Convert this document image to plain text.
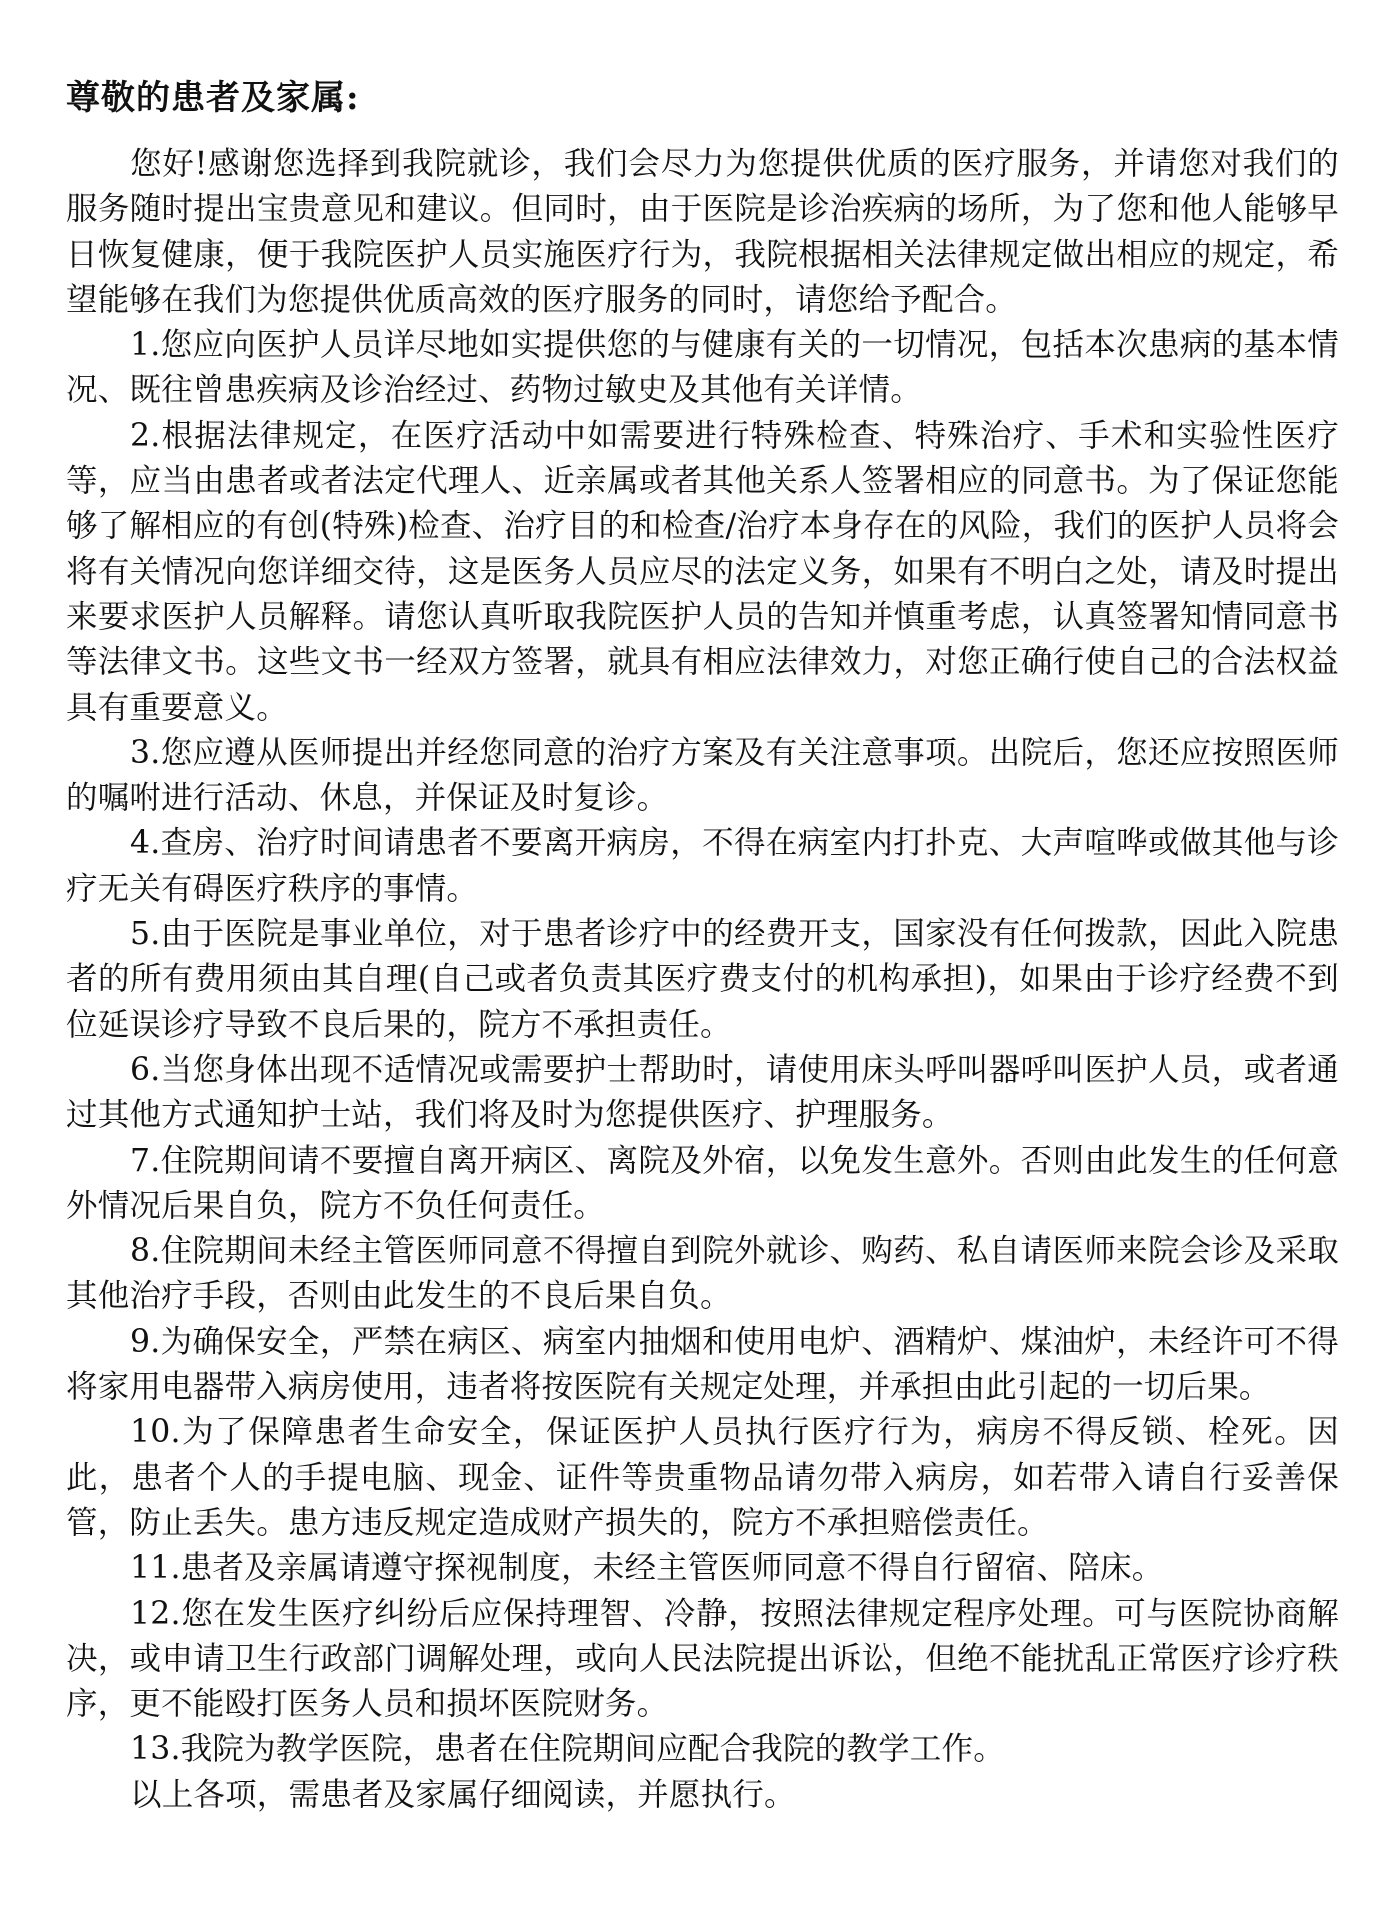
尊敬的患者及家属:

您好!感谢您选择到我院就诊，我们会尽力为您提供优质的医疗服务，并请您对我们的服务随时提出宝贵意见和建议。但同时，由于医院是诊治疾病的场所，为了您和他人能够早日恢复健康，便于我院医护人员实施医疗行为，我院根据相关法律规定做出相应的规定，希望能够在我们为您提供优质高效的医疗服务的同时，请您给予配合。

1.您应向医护人员详尽地如实提供您的与健康有关的一切情况，包括本次患病的基本情况、既往曾患疾病及诊治经过、药物过敏史及其他有关详情。

2.根据法律规定，在医疗活动中如需要进行特殊检查、特殊治疗、手术和实验性医疗等，应当由患者或者法定代理人、近亲属或者其他关系人签署相应的同意书。为了保证您能够了解相应的有创(特殊)检查、治疗目的和检查/治疗本身存在的风险，我们的医护人员将会将有关情况向您详细交待，这是医务人员应尽的法定义务，如果有不明白之处，请及时提出来要求医护人员解释。请您认真听取我院医护人员的告知并慎重考虑，认真签署知情同意书等法律文书。这些文书一经双方签署，就具有相应法律效力，对您正确行使自己的合法权益具有重要意义。

3.您应遵从医师提出并经您同意的治疗方案及有关注意事项。出院后，您还应按照医师的嘱咐进行活动、休息，并保证及时复诊。

4.查房、治疗时间请患者不要离开病房，不得在病室内打扑克、大声喧哗或做其他与诊疗无关有碍医疗秩序的事情。

5.由于医院是事业单位，对于患者诊疗中的经费开支，国家没有任何拨款，因此入院患者的所有费用须由其自理(自己或者负责其医疗费支付的机构承担)，如果由于诊疗经费不到位延误诊疗导致不良后果的，院方不承担责任。

6.当您身体出现不适情况或需要护士帮助时，请使用床头呼叫器呼叫医护人员，或者通过其他方式通知护士站，我们将及时为您提供医疗、护理服务。

7.住院期间请不要擅自离开病区、离院及外宿，以免发生意外。否则由此发生的任何意外情况后果自负，院方不负任何责任。

8.住院期间未经主管医师同意不得擅自到院外就诊、购药、私自请医师来院会诊及采取其他治疗手段，否则由此发生的不良后果自负。

9.为确保安全，严禁在病区、病室内抽烟和使用电炉、酒精炉、煤油炉，未经许可不得将家用电器带入病房使用，违者将按医院有关规定处理，并承担由此引起的一切后果。

10.为了保障患者生命安全，保证医护人员执行医疗行为，病房不得反锁、栓死。因此，患者个人的手提电脑、现金、证件等贵重物品请勿带入病房，如若带入请自行妥善保管，防止丢失。患方违反规定造成财产损失的，院方不承担赔偿责任。

11.患者及亲属请遵守探视制度，未经主管医师同意不得自行留宿、陪床。

12.您在发生医疗纠纷后应保持理智、冷静，按照法律规定程序处理。可与医院协商解决，或申请卫生行政部门调解处理，或向人民法院提出诉讼，但绝不能扰乱正常医疗诊疗秩序，更不能殴打医务人员和损坏医院财务。

13.我院为教学医院，患者在住院期间应配合我院的教学工作。

以上各项，需患者及家属仔细阅读，并愿执行。
